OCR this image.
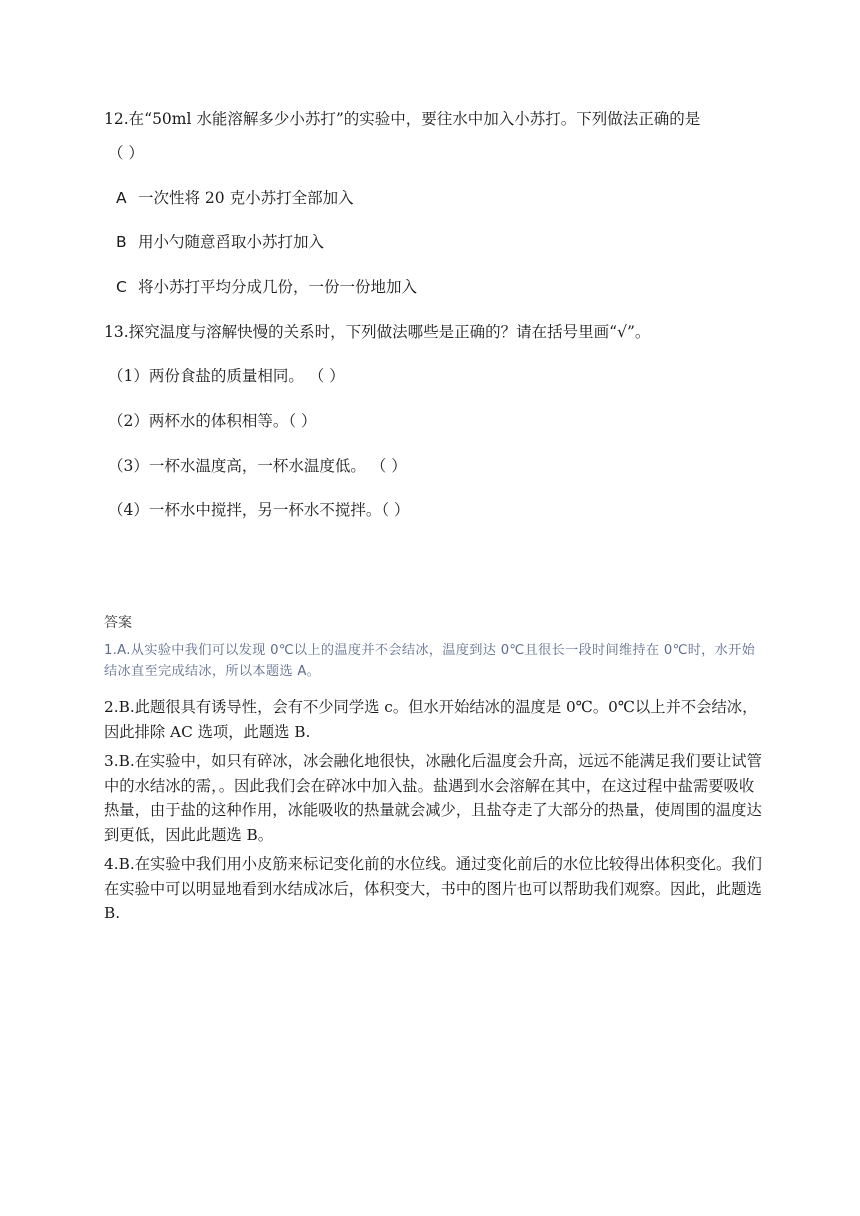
12.在“50ml 水能溶解多少小苏打”的实验中，要往水中加入小苏打。下列做法正确的是
（ ）
A 一次性将 20 克小苏打全部加入
B 用小勺随意舀取小苏打加入
C 将小苏打平均分成几份，一份一份地加入
13.探究温度与溶解快慢的关系时，下列做法哪些是正确的？请在括号里画“√”。
（1）两份食盐的质量相同。 （ ）
（2）两杯水的体积相等。（ ）
（3）一杯水温度高，一杯水温度低。 （ ）
（4）一杯水中搅拌，另一杯水不搅拌。（ ）
答案
1.A.从实验中我们可以发现 0℃以上的温度并不会结冰，温度到达 0℃且很长一段时间维持在 0℃时，水开始结冰直至完成结冰，所以本题选 A。
2.B.此题很具有诱导性，会有不少同学选 c。但水开始结冰的温度是 0℃。0℃以上并不会结冰，因此排除 AC 选项，此题选 B.
3.B.在实验中，如只有碎冰，冰会融化地很快，冰融化后温度会升高，远远不能满足我们要让试管中的水结冰的需，。因此我们会在碎冰中加入盐。盐遇到水会溶解在其中，在这过程中盐需要吸收热量，由于盐的这种作用，冰能吸收的热量就会减少，且盐夺走了大部分的热量，使周围的温度达到更低，因此此题选 B。
4.B.在实验中我们用小皮筋来标记变化前的水位线。通过变化前后的水位比较得出体积变化。我们在实验中可以明显地看到水结成冰后，体积变大，书中的图片也可以帮助我们观察。因此，此题选 B.
